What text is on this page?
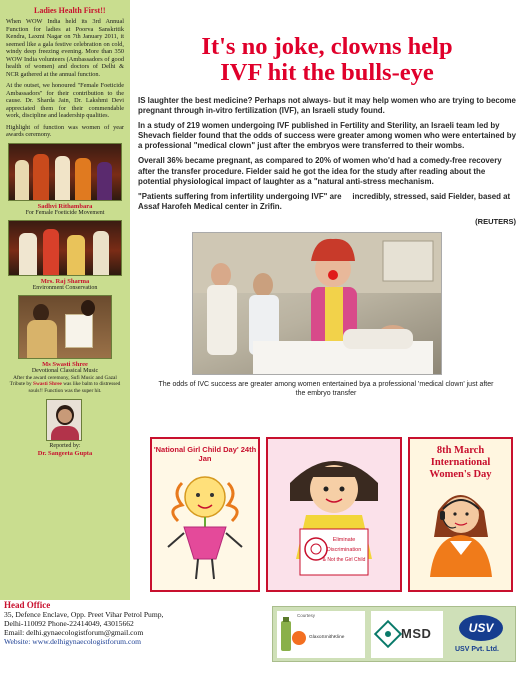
Ladies Health First!!

When WOW India held its 3rd Annual Function for ladies at Poorva Sanskritik Kendra, Laxmi Nagar on 7th January 2011, it seemed like a gala festive celebration on cold, windy deep freezing evening. More than 350 WOW India volunteers (Ambassadors of good health of women) and doctors of Delhi & NCR gathered at the annual function.

At the outset, we honoured "Female Foeticide Ambassadors" for their contribution to the cause. Dr. Sharda Jain, Dr. Lakshmi Devi appreciated them for their commendable work, discipline and leadership qualities.

Highlight of function was women of year awards ceremony.

Sadhvi Rithambara
For Female Foeticide Movement
Mrs. Raj Sharma
Environment Conservation
Ms Swasti Shree
Devotional Classical Music
After the award ceremony, Sufi Music and Gazal Tribute by Swasti Shree was like balm to distressed souls!! Function was the super hit.
Reported by:
Dr. Sangeeta Gupta
It's no joke, clowns help
IVF hit the bulls-eye

IS laughter the best medicine? Perhaps not always- but it may help women who are trying to become pregnant through in-vitro fertilization (IVF), an Israeli study found.

In a study of 219 women undergoing IVF published in Fertility and Sterility, an Israeli team led by Shevach fielder found that the odds of success were greater among women who were entertained by a professional "medical clown" just after the embryos were transferred to their wombs.

Overall 36% became pregnant, as compared to 20% of women who'd had a comedy-free recovery after the transfer procedure. Fielder said he got the idea for the study after reading about the potential physiological impact of laughter as a "natural anti-stress mechanism.

"Patients suffering from infertility undergoing IVF" are     incredibly, stressed, said Fielder, based at Assaf Harofeh Medical center in Zrifin.

(REUTERS)

The odds of IVC success are greater among women entertained bya a professional 'medical clown' just after the embryo transfer

'National Girl Child Day' 24th Jan
Eliminate
Discrimination
& Not the Girl Child
8th March
International
Women's Day
Head Office
35, Defence Enclave, Opp. Preet Vihar Petrol Pump,
Delhi-110092 Phone-22414049, 43015662
Email: delhi.gynaecologistforum@gmail.com
Website: www.delhigynaecologistforum.com
Courtesy
GlaxoSmithKline	MSD	USV
USV Pvt. Ltd.
